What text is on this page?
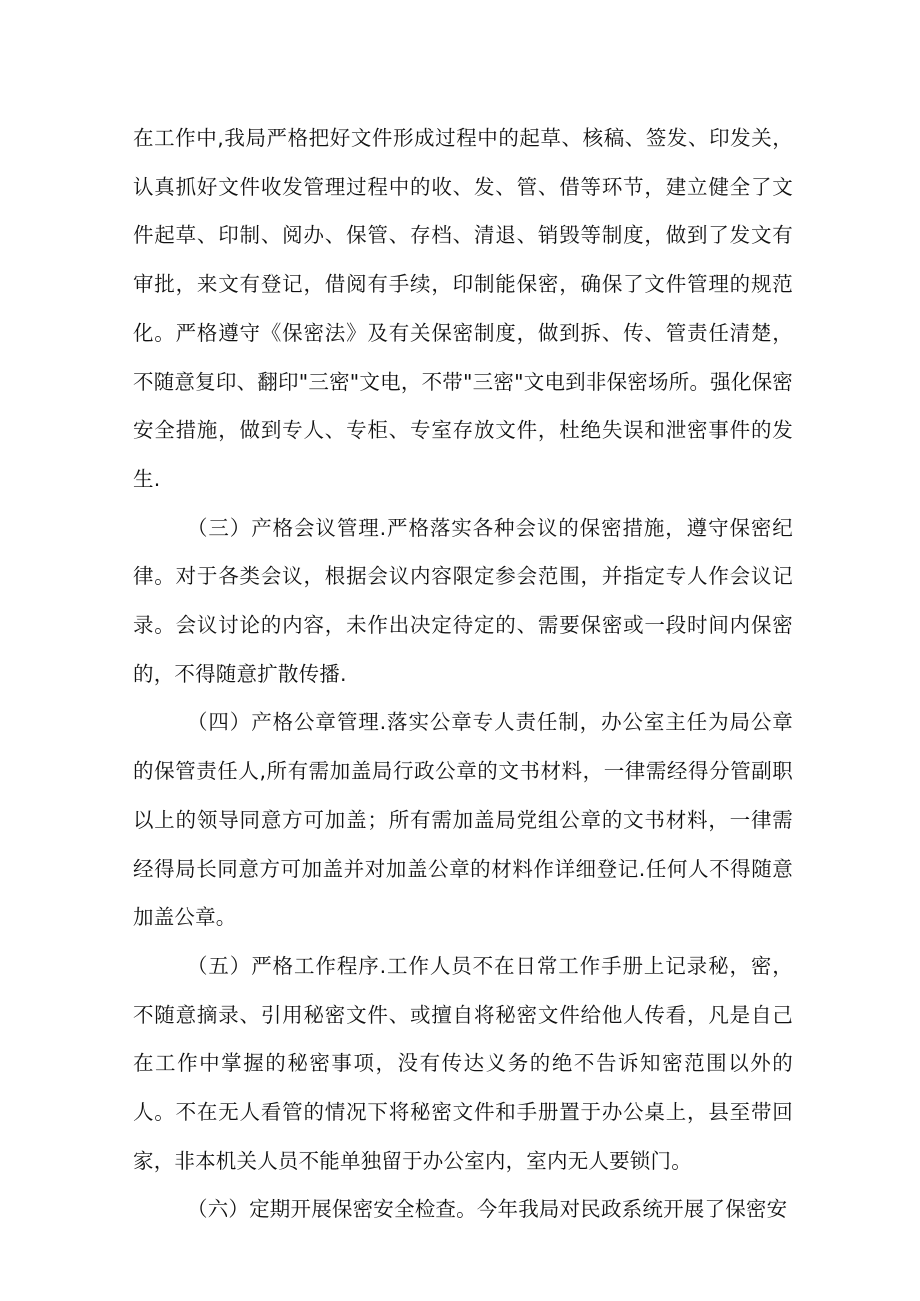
在工作中,我局严格把好文件形成过程中的起草、核稿、签发、印发关，认真抓好文件收发管理过程中的收、发、管、借等环节，建立健全了文件起草、印制、阅办、保管、存档、清退、销毁等制度，做到了发文有审批，来文有登记，借阅有手续，印制能保密，确保了文件管理的规范化。严格遵守《保密法》及有关保密制度，做到拆、传、管责任清楚，不随意复印、翻印"三密"文电，不带"三密"文电到非保密场所。强化保密安全措施，做到专人、专柜、专室存放文件，杜绝失误和泄密事件的发生.

（三）产格会议管理.严格落实各种会议的保密措施，遵守保密纪律。对于各类会议，根据会议内容限定参会范围，并指定专人作会议记录。会议讨论的内容，未作出决定待定的、需要保密或一段时间内保密的，不得随意扩散传播.

（四）产格公章管理.落实公章专人责任制，办公室主任为局公章的保管责任人,所有需加盖局行政公章的文书材料，一律需经得分管副职以上的领导同意方可加盖；所有需加盖局党组公章的文书材料，一律需经得局长同意方可加盖并对加盖公章的材料作详细登记.任何人不得随意加盖公章。

（五）严格工作程序.工作人员不在日常工作手册上记录秘，密，不随意摘录、引用秘密文件、或擅自将秘密文件给他人传看，凡是自己在工作中掌握的秘密事项，没有传达义务的绝不告诉知密范围以外的人。不在无人看管的情况下将秘密文件和手册置于办公桌上，县至带回家，非本机关人员不能单独留于办公室内，室内无人要锁门。

（六）定期开展保密安全检查。今年我局对民政系统开展了保密安
